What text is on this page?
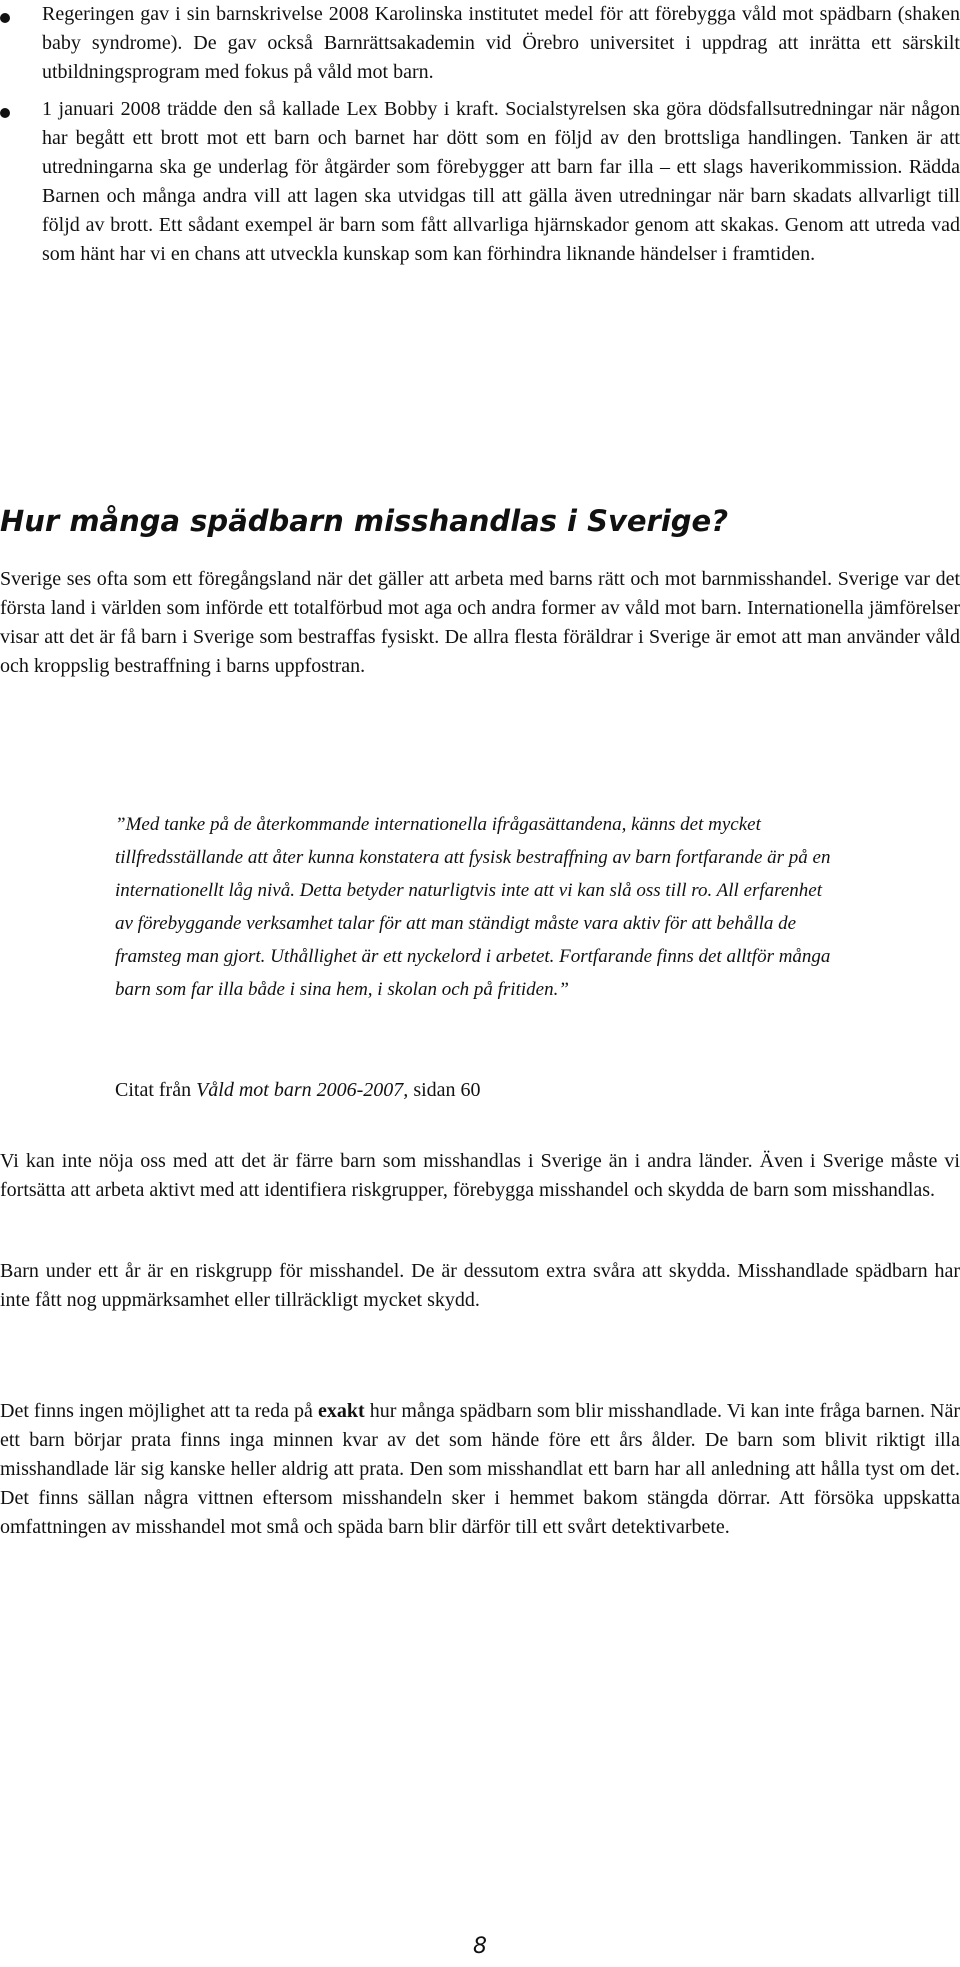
Regeringen gav i sin barnskrivelse 2008 Karolinska institutet medel för att förebygga våld mot spädbarn (shaken baby syndrome). De gav också Barnrättsakademin vid Örebro universitet i uppdrag att inrätta ett särskilt utbildningsprogram med fokus på våld mot barn.
1 januari 2008 trädde den så kallade Lex Bobby i kraft. Socialstyrelsen ska göra dödsfallsutredningar när någon har begått ett brott mot ett barn och barnet har dött som en följd av den brottsliga handlingen. Tanken är att utredningarna ska ge underlag för åtgärder som förebygger att barn far illa – ett slags haverikommission. Rädda Barnen och många andra vill att lagen ska utvidgas till att gälla även utredningar när barn skadats allvarligt till följd av brott. Ett sådant exempel är barn som fått allvarliga hjärnskador genom att skakas. Genom att utreda vad som hänt har vi en chans att utveckla kunskap som kan förhindra liknande händelser i framtiden.
Hur många spädbarn misshandlas i Sverige?

Sverige ses ofta som ett föregångsland när det gäller att arbeta med barns rätt och mot barnmisshandel. Sverige var det första land i världen som införde ett totalförbud mot aga och andra former av våld mot barn. Internationella jämförelser visar att det är få barn i Sverige som bestraffas fysiskt. De allra flesta föräldrar i Sverige är emot att man använder våld och kroppslig bestraffning i barns uppfostran.

”Med tanke på de återkommande internationella ifrågasättandena, känns det mycket tillfredsställande att åter kunna konstatera att fysisk bestraffning av barn fortfarande är på en internationellt låg nivå. Detta betyder naturligtvis inte att vi kan slå oss till ro. All erfarenhet av förebyggande verksamhet talar för att man ständigt måste vara aktiv för att behålla de framsteg man gjort. Uthållighet är ett nyckelord i arbetet. Fortfarande finns det alltför många barn som far illa både i sina hem, i skolan och på fritiden.”

Citat från Våld mot barn 2006-2007, sidan 60

Vi kan inte nöja oss med att det är färre barn som misshandlas i Sverige än i andra länder. Även i Sverige måste vi fortsätta att arbeta aktivt med att identifiera riskgrupper, förebygga misshandel och skydda de barn som misshandlas.

Barn under ett år är en riskgrupp för misshandel. De är dessutom extra svåra att skydda. Misshandlade spädbarn har inte fått nog uppmärksamhet eller tillräckligt mycket skydd.

Det finns ingen möjlighet att ta reda på exakt hur många spädbarn som blir misshandlade. Vi kan inte fråga barnen. När ett barn börjar prata finns inga minnen kvar av det som hände före ett års ålder. De barn som blivit riktigt illa misshandlade lär sig kanske heller aldrig att prata. Den som misshandlat ett barn har all anledning att hålla tyst om det. Det finns sällan några vittnen eftersom misshandeln sker i hemmet bakom stängda dörrar. Att försöka uppskatta omfattningen av misshandel mot små och späda barn blir därför till ett svårt detektivarbete.

8
